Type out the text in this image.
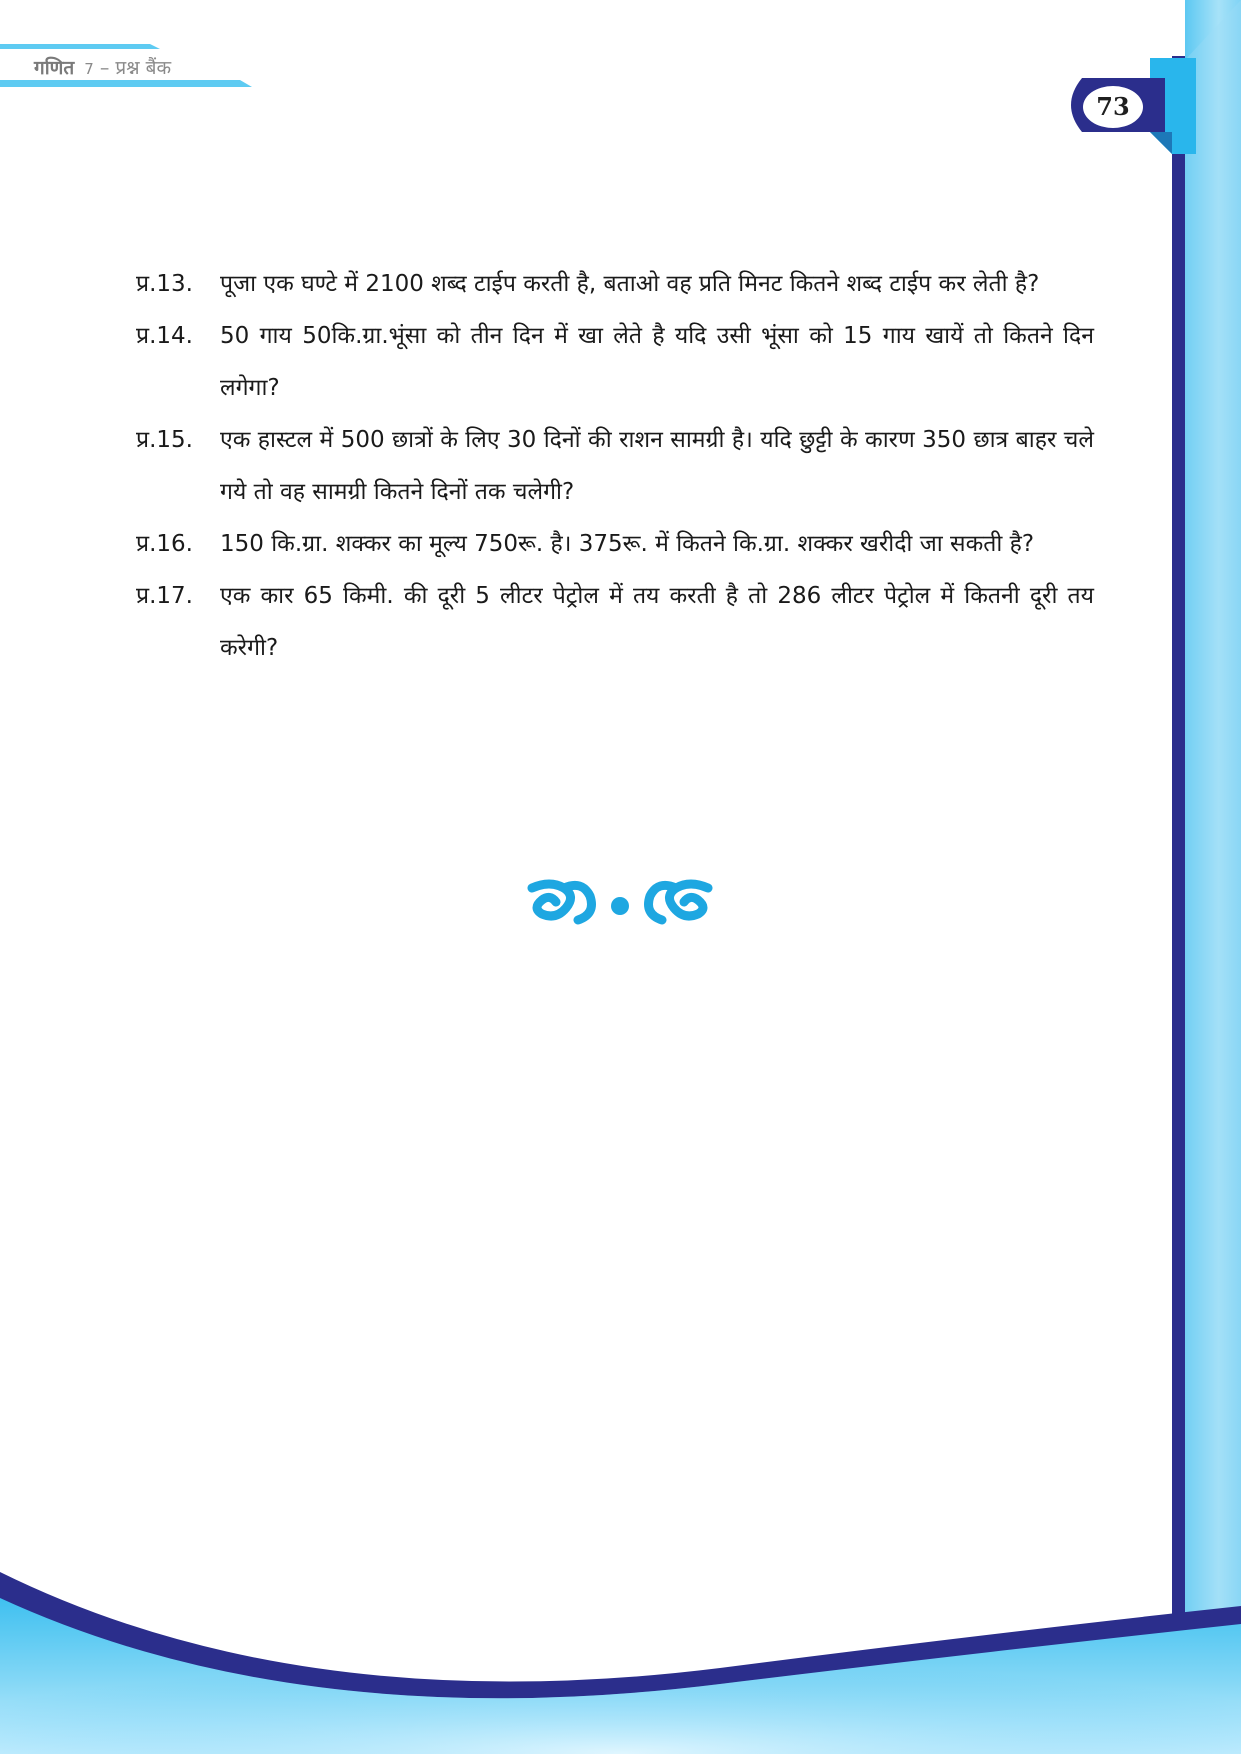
गणित 7 – प्रश्न बैंक
73
प्र.13. पूजा एक घण्टे में 2100 शब्द टाईप करती है, बताओ वह प्रति मिनट कितने शब्द टाईप कर लेती है?
प्र.14. 50 गाय 50कि.ग्रा.भूंसा को तीन दिन में खा लेते है यदि उसी भूंसा को 15 गाय खायें तो कितने दिन लगेगा?
प्र.15. एक हास्टल में 500 छात्रों के लिए 30 दिनों की राशन सामग्री है। यदि छुट्टी के कारण 350 छात्र बाहर चले गये तो वह सामग्री कितने दिनों तक चलेगी?
प्र.16. 150 कि.ग्रा. शक्कर का मूल्य 750रू. है। 375रू. में कितने कि.ग्रा. शक्कर खरीदी जा सकती है?
प्र.17. एक कार 65 किमी. की दूरी 5 लीटर पेट्रोल में तय करती है तो 286 लीटर पेट्रोल में कितनी दूरी तय करेगी?
